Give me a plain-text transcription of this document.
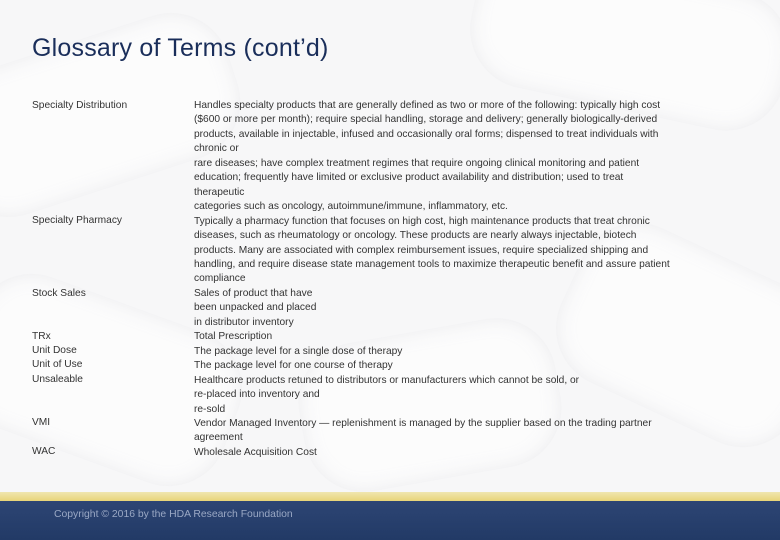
Glossary of Terms (cont’d)
Specialty Distribution
Specialty Pharmacy
Stock Sales
TRx
Unit Dose
Unit of Use
Unsaleable
VMI
WAC
Handles specialty products that are generally defined as two or more of the following: typically high cost
($600 or more per month); require special handling, storage and delivery; generally biologically-derived
products, available in injectable, infused and occasionally oral forms; dispensed to treat individuals with
chronic or
rare diseases; have complex treatment regimes that require ongoing clinical monitoring and patient
education; frequently have limited or exclusive product availability and distribution; used to treat
therapeutic
categories such as oncology, autoimmune/immune, inflammatory, etc.
Typically a pharmacy function that focuses on high cost, high maintenance products that treat chronic
diseases, such as rheumatology or oncology. These products are nearly always injectable, biotech
products. Many are associated with complex reimbursement issues, require specialized shipping and
handling, and require disease state management tools to maximize therapeutic benefit and assure patient
compliance
Sales of product that have
been unpacked and placed
in distributor inventory
Total Prescription
The package level for a single dose of therapy
The package level for one course of therapy
Healthcare products retuned to distributors or manufacturers which cannot be sold, or
re-placed into inventory and
re-sold
Vendor Managed Inventory — replenishment is managed by the supplier based on the trading partner
agreement
Wholesale Acquisition Cost
Copyright © 2016 by the HDA Research Foundation
